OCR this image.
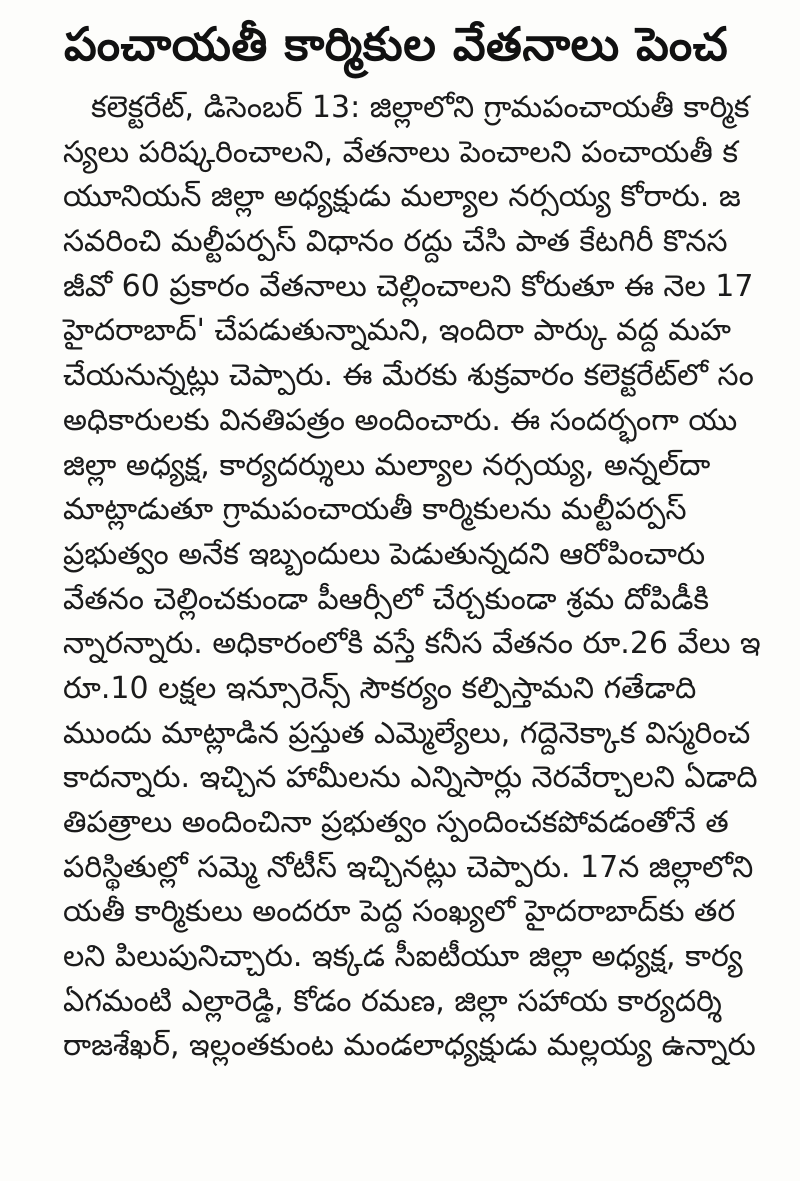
పంచాయతీ కార్మికుల వేతనాలు పెంచ
కలెక్టరేట్, డిసెంబర్ 13: జిల్లాలోని గ్రామపంచాయతీ కార్మిక
స్యలు పరిష్కరించాలని, వేతనాలు పెంచాలని పంచాయతీ క
యూనియన్ జిల్లా అధ్యక్షుడు మల్యాల నర్సయ్య కోరారు. జ
సవరించి మల్టీపర్పస్ విధానం రద్దు చేసి పాత కేటగిరీ కొనస
జీవో 60 ప్రకారం వేతనాలు చెల్లించాలని కోరుతూ ఈ నెల 17
హైదరాబాద్' చేపడుతున్నామని, ఇందిరా పార్కు వద్ద మహ
చేయనున్నట్లు చెప్పారు. ఈ మేరకు శుక్రవారం కలెక్టరేట్‌లో సం
అధికారులకు వినతిపత్రం అందించారు. ఈ సందర్భంగా యు
జిల్లా అధ్యక్ష, కార్యదర్శులు మల్యాల నర్సయ్య, అన్నల్‌దా
మాట్లాడుతూ గ్రామపంచాయతీ కార్మికులను మల్టీపర్పస్
ప్రభుత్వం అనేక ఇబ్బందులు పెడుతున్నదని ఆరోపించారు
వేతనం చెల్లించకుండా పీఆర్సీలో చేర్చకుండా శ్రమ దోపిడీకి
న్నారన్నారు. అధికారంలోకి వస్తే కనీస వేతనం రూ.26 వేలు ఇ
రూ.10 లక్షల ఇన్సూరెన్స్ సౌకర్యం కల్పిస్తామని గతేడాది
ముందు మాట్లాడిన ప్రస్తుత ఎమ్మెల్యేలు, గద్దెనెక్కాక విస్మరించ
కాదన్నారు. ఇచ్చిన హామీలను ఎన్నిసార్లు నెరవేర్చాలని ఏడాది
తిపత్రాలు అందించినా ప్రభుత్వం స్పందించకపోవడంతోనే త
పరిస్థితుల్లో సమ్మె నోటీస్ ఇచ్చినట్లు చెప్పారు. 17న జిల్లాలోని
యతీ కార్మికులు అందరూ పెద్ద సంఖ్యలో హైదరాబాద్‌కు తర
లని పిలుపునిచ్చారు. ఇక్కడ సీఐటీయూ జిల్లా అధ్యక్ష, కార్య
ఏగమంటి ఎల్లారెడ్డి, కోడం రమణ, జిల్లా సహాయ కార్యదర్శి
రాజశేఖర్, ఇల్లంతకుంట మండలాధ్యక్షుడు మల్లయ్య ఉన్నారు
